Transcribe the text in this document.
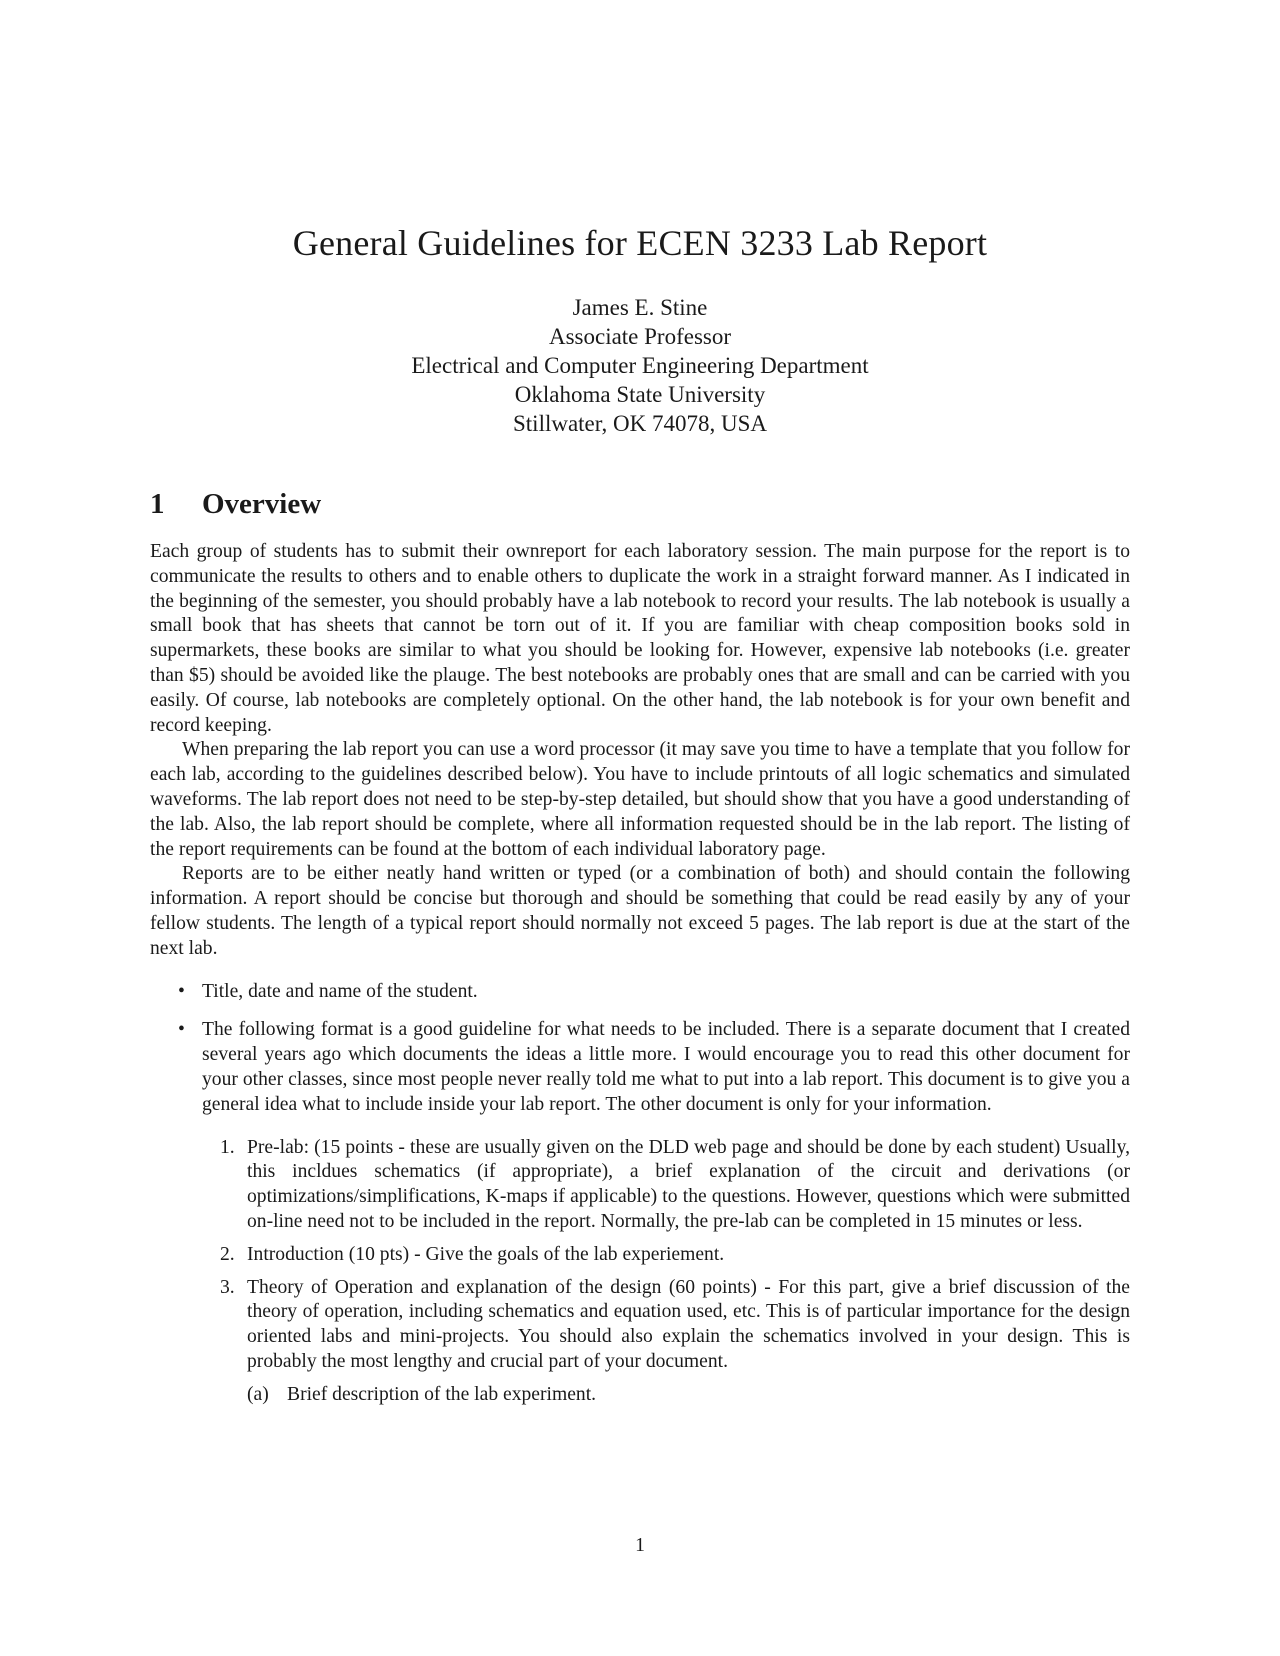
General Guidelines for ECEN 3233 Lab Report
James E. Stine
Associate Professor
Electrical and Computer Engineering Department
Oklahoma State University
Stillwater, OK 74078, USA
1 Overview

Each group of students has to submit their ownreport for each laboratory session. The main purpose for the report is to communicate the results to others and to enable others to duplicate the work in a straight forward manner. As I indicated in the beginning of the semester, you should probably have a lab notebook to record your results. The lab notebook is usually a small book that has sheets that cannot be torn out of it. If you are familiar with cheap composition books sold in supermarkets, these books are similar to what you should be looking for. However, expensive lab notebooks (i.e. greater than $5) should be avoided like the plauge. The best notebooks are probably ones that are small and can be carried with you easily. Of course, lab notebooks are completely optional. On the other hand, the lab notebook is for your own benefit and record keeping.

When preparing the lab report you can use a word processor (it may save you time to have a template that you follow for each lab, according to the guidelines described below). You have to include printouts of all logic schematics and simulated waveforms. The lab report does not need to be step-by-step detailed, but should show that you have a good understanding of the lab. Also, the lab report should be complete, where all information requested should be in the lab report. The listing of the report requirements can be found at the bottom of each individual laboratory page.

Reports are to be either neatly hand written or typed (or a combination of both) and should contain the following information. A report should be concise but thorough and should be something that could be read easily by any of your fellow students. The length of a typical report should normally not exceed 5 pages. The lab report is due at the start of the next lab.

• Title, date and name of the student.
• The following format is a good guideline for what needs to be included. There is a separate document that I created several years ago which documents the ideas a little more. I would encourage you to read this other document for your other classes, since most people never really told me what to put into a lab report. This document is to give you a general idea what to include inside your lab report. The other document is only for your information.
1. Pre-lab: (15 points - these are usually given on the DLD web page and should be done by each student) Usually, this incldues schematics (if appropriate), a brief explanation of the circuit and derivations (or optimizations/simplifications, K-maps if applicable) to the questions. However, questions which were submitted on-line need not to be included in the report. Normally, the pre-lab can be completed in 15 minutes or less.
2. Introduction (10 pts) - Give the goals of the lab experiement.
3. Theory of Operation and explanation of the design (60 points) - For this part, give a brief discussion of the theory of operation, including schematics and equation used, etc. This is of particular importance for the design oriented labs and mini-projects. You should also explain the schematics involved in your design. This is probably the most lengthy and crucial part of your document.
(a) Brief description of the lab experiment.
1
